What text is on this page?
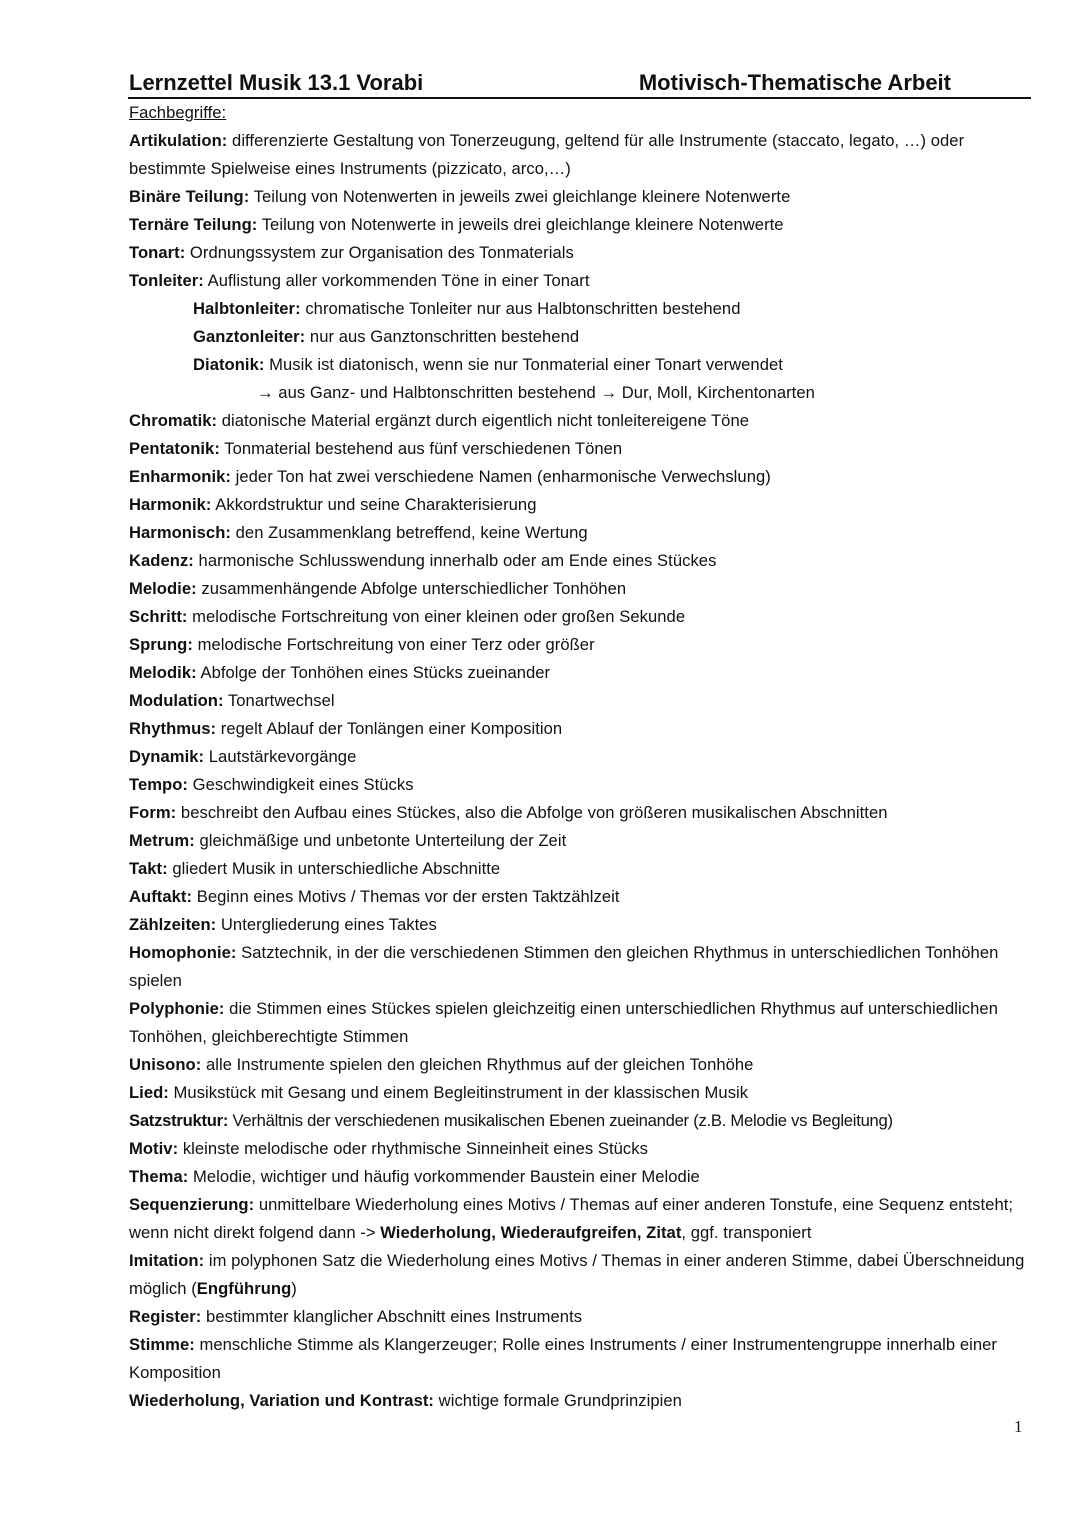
Lernzettel Musik 13.1 Vorabi	Motivisch-Thematische Arbeit
Fachbegriffe:
Artikulation: differenzierte Gestaltung von Tonerzeugung, geltend für alle Instrumente (staccato, legato, …) oder bestimmte Spielweise eines Instruments (pizzicato, arco,…)
Binäre Teilung: Teilung von Notenwerten in jeweils zwei gleichlange kleinere Notenwerte
Ternäre Teilung: Teilung von Notenwerte in jeweils drei gleichlange kleinere Notenwerte
Tonart: Ordnungssystem zur Organisation des Tonmaterials
Tonleiter: Auflistung aller vorkommenden Töne in einer Tonart
Halbtonleiter: chromatische Tonleiter nur aus Halbtonschritten bestehend
Ganztonleiter: nur aus Ganztonschritten bestehend
Diatonik: Musik ist diatonisch, wenn sie nur Tonmaterial einer Tonart verwendet
→ aus Ganz- und Halbtonschritten bestehend → Dur, Moll, Kirchentonarten
Chromatik: diatonische Material ergänzt durch eigentlich nicht tonleitereigene Töne
Pentatonik: Tonmaterial bestehend aus fünf verschiedenen Tönen
Enharmonik: jeder Ton hat zwei verschiedene Namen (enharmonische Verwechslung)
Harmonik: Akkordstruktur und seine Charakterisierung
Harmonisch: den Zusammenklang betreffend, keine Wertung
Kadenz: harmonische Schlusswendung innerhalb oder am Ende eines Stückes
Melodie: zusammenhängende Abfolge unterschiedlicher Tonhöhen
Schritt: melodische Fortschreitung von einer kleinen oder großen Sekunde
Sprung: melodische Fortschreitung von einer Terz oder größer
Melodik: Abfolge der Tonhöhen eines Stücks zueinander
Modulation: Tonartwechsel
Rhythmus: regelt Ablauf der Tonlängen einer Komposition
Dynamik: Lautstärkevorgänge
Tempo: Geschwindigkeit eines Stücks
Form: beschreibt den Aufbau eines Stückes, also die Abfolge von größeren musikalischen Abschnitten
Metrum: gleichmäßige und unbetonte Unterteilung der Zeit
Takt: gliedert Musik in unterschiedliche Abschnitte
Auftakt: Beginn eines Motivs / Themas vor der ersten Taktzählzeit
Zählzeiten: Untergliederung eines Taktes
Homophonie: Satztechnik, in der die verschiedenen Stimmen den gleichen Rhythmus in unterschiedlichen Tonhöhen spielen
Polyphonie: die Stimmen eines Stückes spielen gleichzeitig einen unterschiedlichen Rhythmus auf unterschiedlichen Tonhöhen, gleichberechtigte Stimmen
Unisono: alle Instrumente spielen den gleichen Rhythmus auf der gleichen Tonhöhe
Lied: Musikstück mit Gesang und einem Begleitinstrument in der klassischen Musik
Satzstruktur: Verhältnis der verschiedenen musikalischen Ebenen zueinander (z.B. Melodie vs Begleitung)
Motiv: kleinste melodische oder rhythmische Sinneinheit eines Stücks
Thema: Melodie, wichtiger und häufig vorkommender Baustein einer Melodie
Sequenzierung: unmittelbare Wiederholung eines Motivs / Themas auf einer anderen Tonstufe, eine Sequenz entsteht; wenn nicht direkt folgend dann -> Wiederholung, Wiederaufgreifen, Zitat, ggf. transponiert
Imitation: im polyphonen Satz die Wiederholung eines Motivs / Themas in einer anderen Stimme, dabei Überschneidung möglich (Engführung)
Register: bestimmter klanglicher Abschnitt eines Instruments
Stimme: menschliche Stimme als Klangerzeuger; Rolle eines Instruments / einer Instrumentengruppe innerhalb einer Komposition
Wiederholung, Variation und Kontrast: wichtige formale Grundprinzipien
1
